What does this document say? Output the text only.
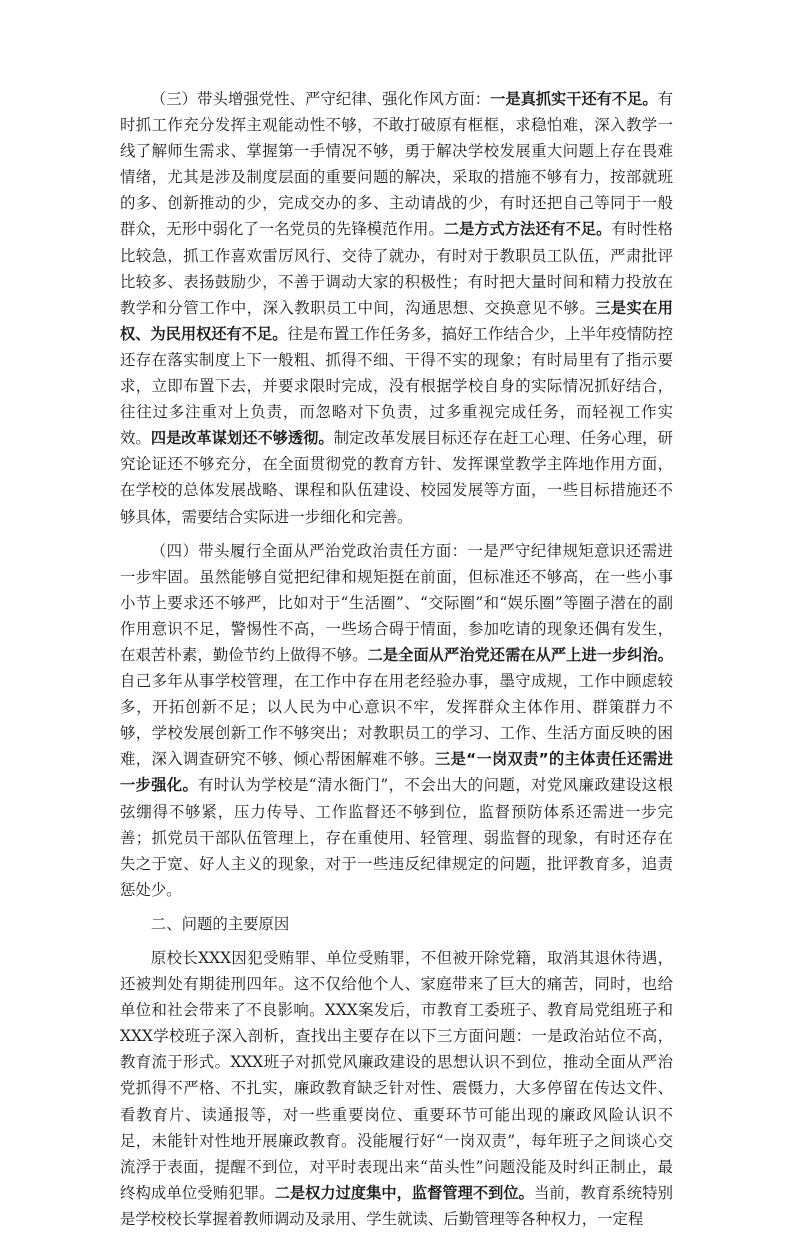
（三）带头增强党性、严守纪律、强化作风方面：一是真抓实干还有不足。有时抓工作充分发挥主观能动性不够，不敢打破原有框框，求稳怕难，深入教学一线了解师生需求、掌握第一手情况不够，勇于解决学校发展重大问题上存在畏难情绪，尤其是涉及制度层面的重要问题的解决，采取的措施不够有力，按部就班的多、创新推动的少，完成交办的多、主动请战的少，有时还把自己等同于一般群众，无形中弱化了一名党员的先锋模范作用。二是方式方法还有不足。有时性格比较急，抓工作喜欢雷厉风行、交待了就办，有时对于教职员工队伍，严肃批评比较多、表扬鼓励少，不善于调动大家的积极性；有时把大量时间和精力投放在教学和分管工作中，深入教职员工中间，沟通思想、交换意见不够。三是实在用权、为民用权还有不足。往是布置工作任务多，搞好工作结合少，上半年疫情防控还存在落实制度上下一般粗、抓得不细、干得不实的现象；有时局里有了指示要求，立即布置下去，并要求限时完成，没有根据学校自身的实际情况抓好结合，往往过多注重对上负责，而忽略对下负责，过多重视完成任务，而轻视工作实效。四是改革谋划还不够透彻。制定改革发展目标还存在赶工心理、任务心理，研究论证还不够充分，在全面贯彻党的教育方针、发挥课堂教学主阵地作用方面，在学校的总体发展战略、课程和队伍建设、校园发展等方面，一些目标措施还不够具体，需要结合实际进一步细化和完善。

（四）带头履行全面从严治党政治责任方面：一是严守纪律规矩意识还需进一步牢固。虽然能够自觉把纪律和规矩挺在前面，但标准还不够高，在一些小事小节上要求还不够严，比如对于“生活圈”、“交际圈”和“娱乐圈”等圈子潜在的副作用意识不足，警惕性不高，一些场合碍于情面，参加吃请的现象还偶有发生，在艰苦朴素，勤俭节约上做得不够。二是全面从严治党还需在从严上进一步纠治。自己多年从事学校管理，在工作中存在用老经验办事，墨守成规，工作中顾虑较多，开拓创新不足；以人民为中心意识不牢，发挥群众主体作用、群策群力不够，学校发展创新工作不够突出；对教职员工的学习、工作、生活方面反映的困难，深入调查研究不够、倾心帮困解难不够。三是“一岗双责”的主体责任还需进一步强化。有时认为学校是“清水衙门”，不会出大的问题，对党风廉政建设这根弦绷得不够紧，压力传导、工作监督还不够到位，监督预防体系还需进一步完善；抓党员干部队伍管理上，存在重使用、轻管理、弱监督的现象，有时还存在失之于宽、好人主义的现象，对于一些违反纪律规定的问题，批评教育多，追责惩处少。

二、问题的主要原因

原校长XXX因犯受贿罪、单位受贿罪，不但被开除党籍，取消其退休待遇，还被判处有期徒刑四年。这不仅给他个人、家庭带来了巨大的痛苦，同时，也给单位和社会带来了不良影响。XXX案发后，市教育工委班子、教育局党组班子和XXX学校班子深入剖析，查找出主要存在以下三方面问题：一是政治站位不高，教育流于形式。XXX班子对抓党风廉政建设的思想认识不到位，推动全面从严治党抓得不严格、不扎实，廉政教育缺乏针对性、震慑力，大多停留在传达文件、看教育片、读通报等，对一些重要岗位、重要环节可能出现的廉政风险认识不足，未能针对性地开展廉政教育。没能履行好“一岗双责”，每年班子之间谈心交流浮于表面，提醒不到位，对平时表现出来“苗头性”问题没能及时纠正制止，最终构成单位受贿犯罪。二是权力过度集中，监督管理不到位。当前，教育系统特别是学校校长掌握着教师调动及录用、学生就读、后勤管理等各种权力，一定程
